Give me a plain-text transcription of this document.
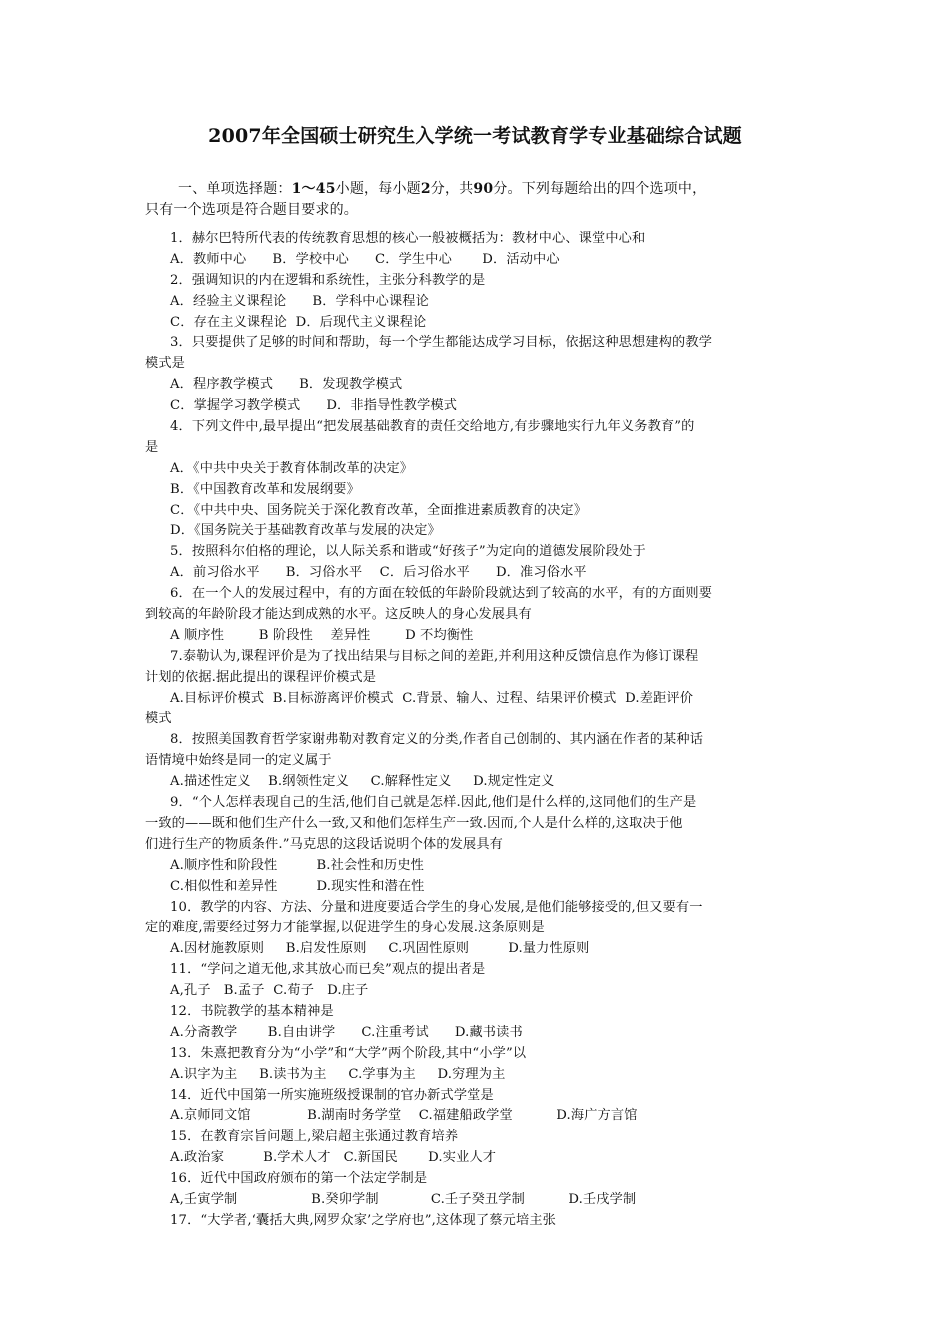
2007年全国硕士研究生入学统一考试教育学专业基础综合试题
一、单项选择题：1～45小题，每小题2分，共90分。下列每题给出的四个选项中，
只有一个选项是符合题目要求的。
1．赫尔巴特所代表的传统教育思想的核心一般被概括为：教材中心、课堂中心和
A．教师中心      B．学校中心      C．学生中心       D．活动中心
2．强调知识的内在逻辑和系统性，主张分科教学的是
A．经验主义课程论      B．学科中心课程论
C．存在主义课程论  D．后现代主义课程论
3．只要提供了足够的时间和帮助，每一个学生都能达成学习目标，依据这种思想建构的教学
模式是
A．程序教学模式      B．发现教学模式
C．掌握学习教学模式      D．非指导性教学模式
4．下列文件中,最早提出“把发展基础教育的责任交给地方,有步骤地实行九年义务教育”的
是
A．《中共中央关于教育体制改革的决定》
B．《中国教育改革和发展纲要》
C．《中共中央、国务院关于深化教育改革，全面推进素质教育的决定》
D．《国务院关于基础教育改革与发展的决定》
5．按照科尔伯格的理论，以人际关系和谐或“好孩子”为定向的道德发展阶段处于
A．前习俗水平      B．习俗水平    C．后习俗水平      D．准习俗水平
6．在一个人的发展过程中，有的方面在较低的年龄阶段就达到了较高的水平，有的方面则要
到较高的年龄阶段才能达到成熟的水平。这反映人的身心发展具有
A 顺序性        B 阶段性    差异性        D 不均衡性
7.泰勒认为,课程评价是为了找出结果与目标之间的差距,并利用这种反馈信息作为修订课程
计划的依据.据此提出的课程评价模式是
A.目标评价模式  B.目标游离评价模式  C.背景、输人、过程、结果评价模式  D.差距评价
模式
8．按照美国教育哲学家谢弗勒对教育定义的分类,作者自己创制的、其内涵在作者的某种话
语情境中始终是同一的定义属于
A.描述性定义    B.纲领性定义     C.解释性定义     D.规定性定义
9．“个人怎样表现自己的生活,他们自己就是怎样.因此,他们是什么样的,这同他们的生产是
一致的——既和他们生产什么一致,又和他们怎样生产一致.因而,个人是什么样的,这取决于他
们进行生产的物质条件.”马克思的这段话说明个体的发展具有
A.顺序性和阶段性         B.社会性和历史性
C.相似性和差异性         D.现实性和潜在性
10．教学的内容、方法、分量和进度要适合学生的身心发展,是他们能够接受的,但又要有一
定的难度,需要经过努力才能掌握,以促进学生的身心发展.这条原则是
A.因材施教原则     B.启发性原则     C.巩固性原则         D.量力性原则
11．“学问之道无他,求其放心而已矣”观点的提出者是
A,孔子   B.孟子  C.荀子   D.庄子
12．书院教学的基本精神是
A.分斋教学       B.自由讲学      C.注重考试      D.藏书读书
13．朱熹把教育分为“小学”和“大学”两个阶段,其中“小学”以
A.识字为主     B.读书为主     C.学事为主     D.穷理为主
14．近代中国第一所实施班级授课制的官办新式学堂是
A.京师同文馆             B.湖南时务学堂    C.福建船政学堂          D.海广方言馆
15．在教育宗旨问题上,梁启超主张通过教育培养
A.政治家         B.学术人才   C.新国民       D.实业人才
16．近代中国政府颁布的第一个法定学制是
A,壬寅学制                 B.癸卯学制            C.壬子癸丑学制          D.壬戌学制
17．“大学者,‘囊括大典,网罗众家’之学府也”,这体现了蔡元培主张
